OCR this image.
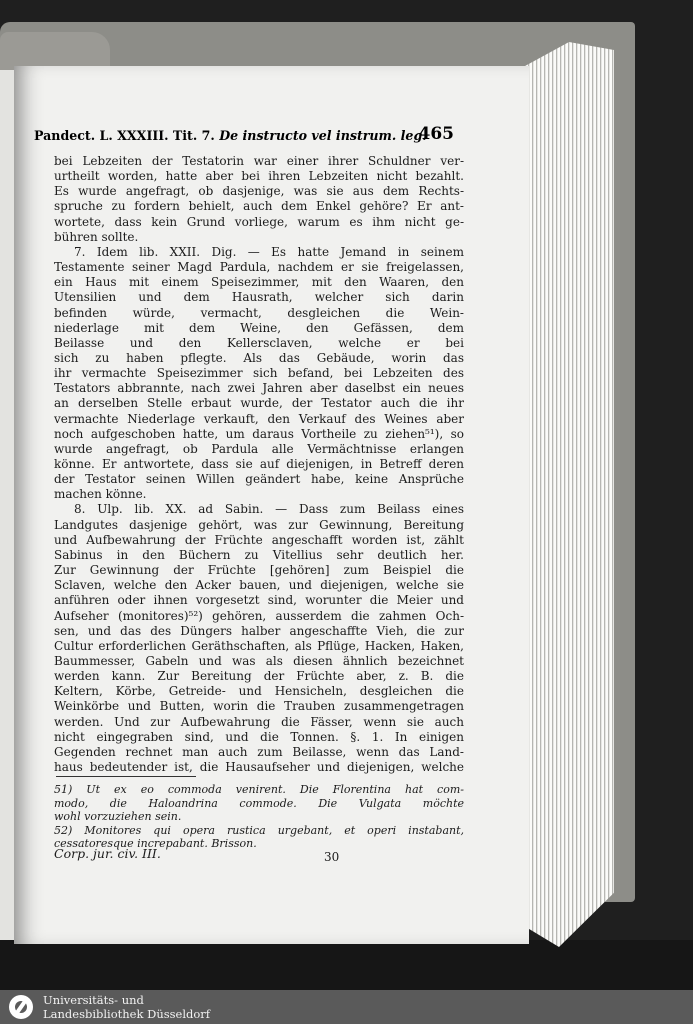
Pandect. L. XXXIII. Tit. 7. De instructo vel instrum. leg.
465
bei Lebzeiten der Testatorin war einer ihrer Schuldner ver-
urtheilt worden, hatte aber bei ihren Lebzeiten nicht bezahlt.
Es wurde angefragt, ob dasjenige, was sie aus dem Rechts-
spruche zu fordern behielt, auch dem Enkel gehöre? Er ant-
wortete, dass kein Grund vorliege, warum es ihm nicht ge-
bühren sollte.
7. Idem lib. XXII. Dig. — Es hatte Jemand in seinem
Testamente seiner Magd Pardula, nachdem er sie freigelassen,
ein Haus mit einem Speisezimmer, mit den Waaren, den
Utensilien und dem Hausrath, welcher sich darin
befinden würde, vermacht, desgleichen die Wein-
niederlage mit dem Weine, den Gefässen, dem
Beilasse und den Kellersclaven, welche er bei
sich zu haben pflegte. Als das Gebäude, worin das
ihr vermachte Speisezimmer sich befand, bei Lebzeiten des
Testators abbrannte, nach zwei Jahren aber daselbst ein neues
an derselben Stelle erbaut wurde, der Testator auch die ihr
vermachte Niederlage verkauft, den Verkauf des Weines aber
noch aufgeschoben hatte, um daraus Vortheile zu ziehen⁵¹), so
wurde angefragt, ob Pardula alle Vermächtnisse erlangen
könne. Er antwortete, dass sie auf diejenigen, in Betreff deren
der Testator seinen Willen geändert habe, keine Ansprüche
machen könne.
8. Ulp. lib. XX. ad Sabin. — Dass zum Beilass eines
Landgutes dasjenige gehört, was zur Gewinnung, Bereitung
und Aufbewahrung der Früchte angeschafft worden ist, zählt
Sabinus in den Büchern zu Vitellius sehr deutlich her.
Zur Gewinnung der Früchte [gehören] zum Beispiel die
Sclaven, welche den Acker bauen, und diejenigen, welche sie
anführen oder ihnen vorgesetzt sind, worunter die Meier und
Aufseher (monitores)⁵²) gehören, ausserdem die zahmen Och-
sen, und das des Düngers halber angeschaffte Vieh, die zur
Cultur erforderlichen Geräthschaften, als Pflüge, Hacken, Haken,
Baummesser, Gabeln und was als diesen ähnlich bezeichnet
werden kann. Zur Bereitung der Früchte aber, z. B. die
Keltern, Körbe, Getreide- und Hensicheln, desgleichen die
Weinkörbe und Butten, worin die Trauben zusammengetragen
werden. Und zur Aufbewahrung die Fässer, wenn sie auch
nicht eingegraben sind, und die Tonnen. §. 1. In einigen
Gegenden rechnet man auch zum Beilasse, wenn das Land-
haus bedeutender ist, die Hausaufseher und diejenigen, welche
51) Ut ex eo commoda venirent. Die Florentina hat com-
modo, die Haloandrina commode. Die Vulgata möchte
wohl vorzuziehen sein.
52) Monitores qui opera rustica urgebant, et operi instabant,
cessatoresque increpabant. Brisson.
Corp. jur. civ. III.	30
Universitäts- und
Landesbibliothek Düsseldorf
